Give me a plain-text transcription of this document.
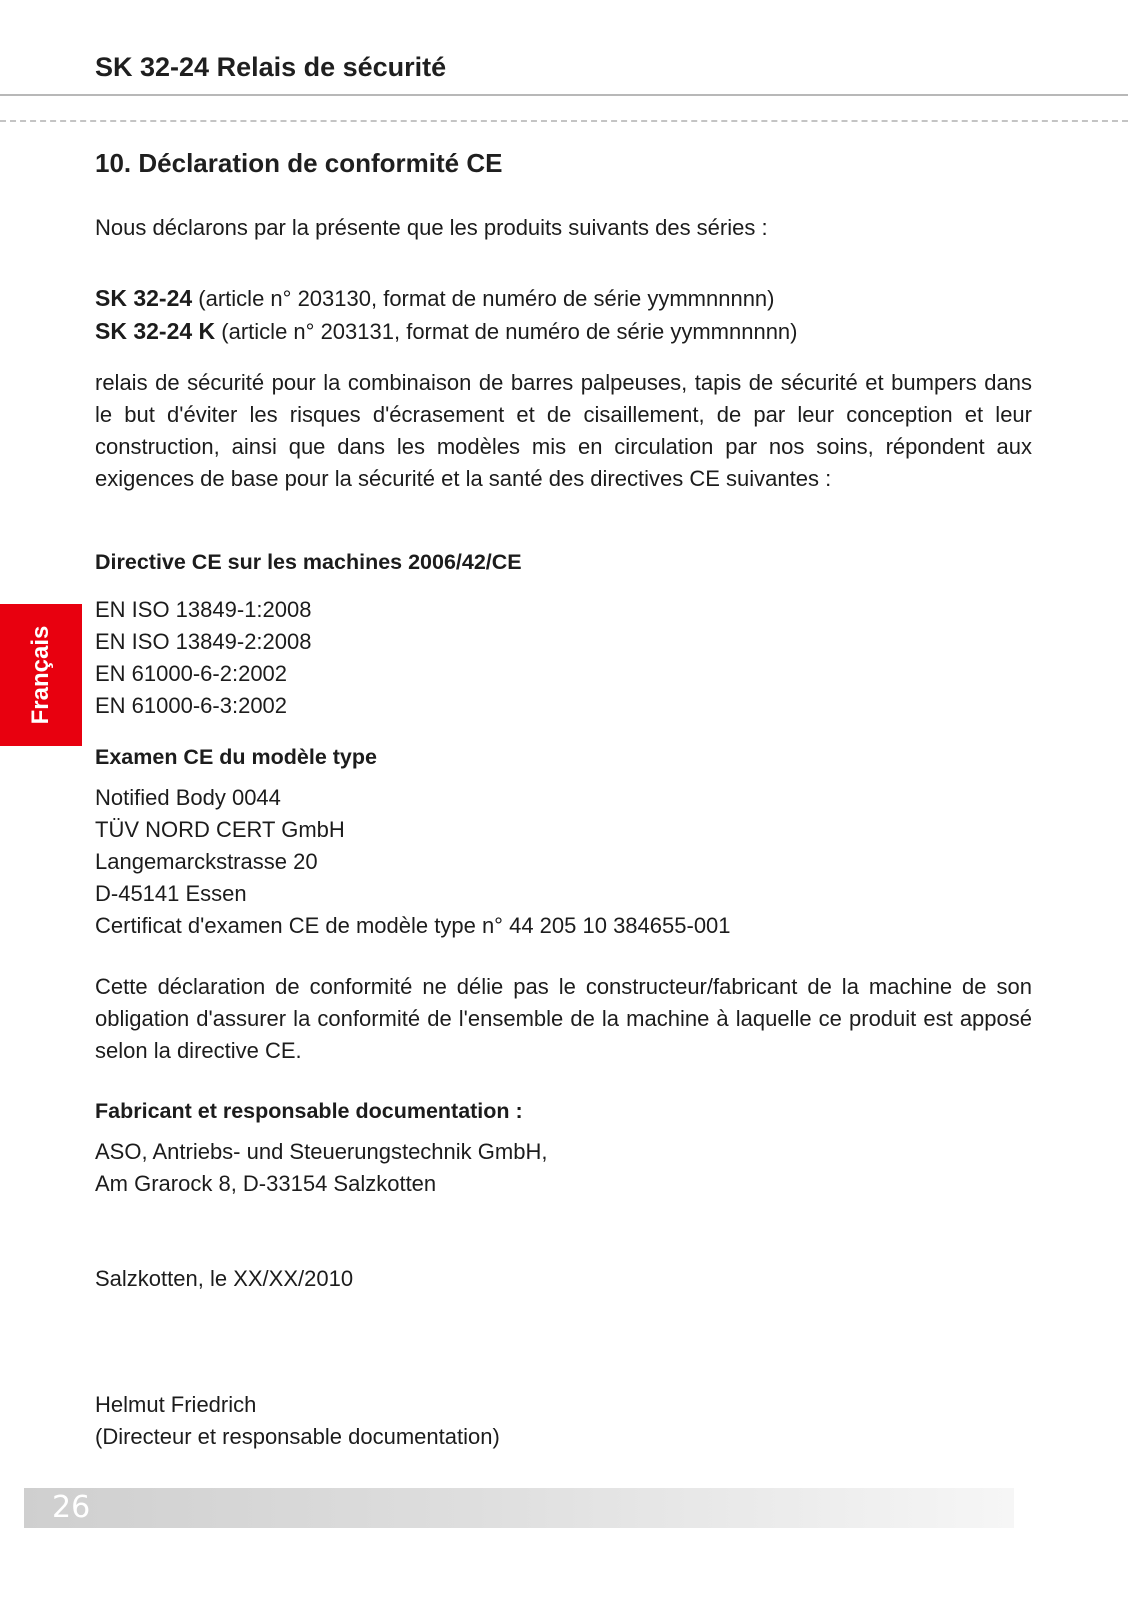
SK 32-24 Relais de sécurité
10. Déclaration de conformité CE
Nous déclarons par la présente que les produits suivants des séries :
SK 32-24 (article n° 203130, format de numéro de série yymmnnnnn)
SK 32-24 K (article n° 203131, format de numéro de série yymmnnnnn)
relais de sécurité pour la combinaison de barres palpeuses, tapis de sécurité et bumpers dans le but d'éviter les risques d'écrasement et de cisaillement, de par leur conception et leur construction, ainsi que dans les modèles mis en circulation par nos soins, répondent aux exigences de base pour la sécurité et la santé des directives CE suivantes :
Directive CE sur les machines 2006/42/CE
EN ISO 13849-1:2008
EN ISO 13849-2:2008
EN 61000-6-2:2002
EN 61000-6-3:2002
Examen CE du modèle type
Notified Body 0044
TÜV NORD CERT GmbH
Langemarckstrasse 20
D-45141 Essen
Certificat d'examen CE de modèle type n° 44 205 10 384655-001
Cette déclaration de conformité ne délie pas le constructeur/fabricant de la machine de son obligation d'assurer la conformité de l'ensemble de la machine à laquelle ce produit est apposé selon la directive CE.
Fabricant et responsable documentation :
ASO, Antriebs- und Steuerungstechnik GmbH,
Am Grarock 8, D-33154 Salzkotten
Salzkotten, le XX/XX/2010
Helmut Friedrich
(Directeur et responsable documentation)
Français
26
